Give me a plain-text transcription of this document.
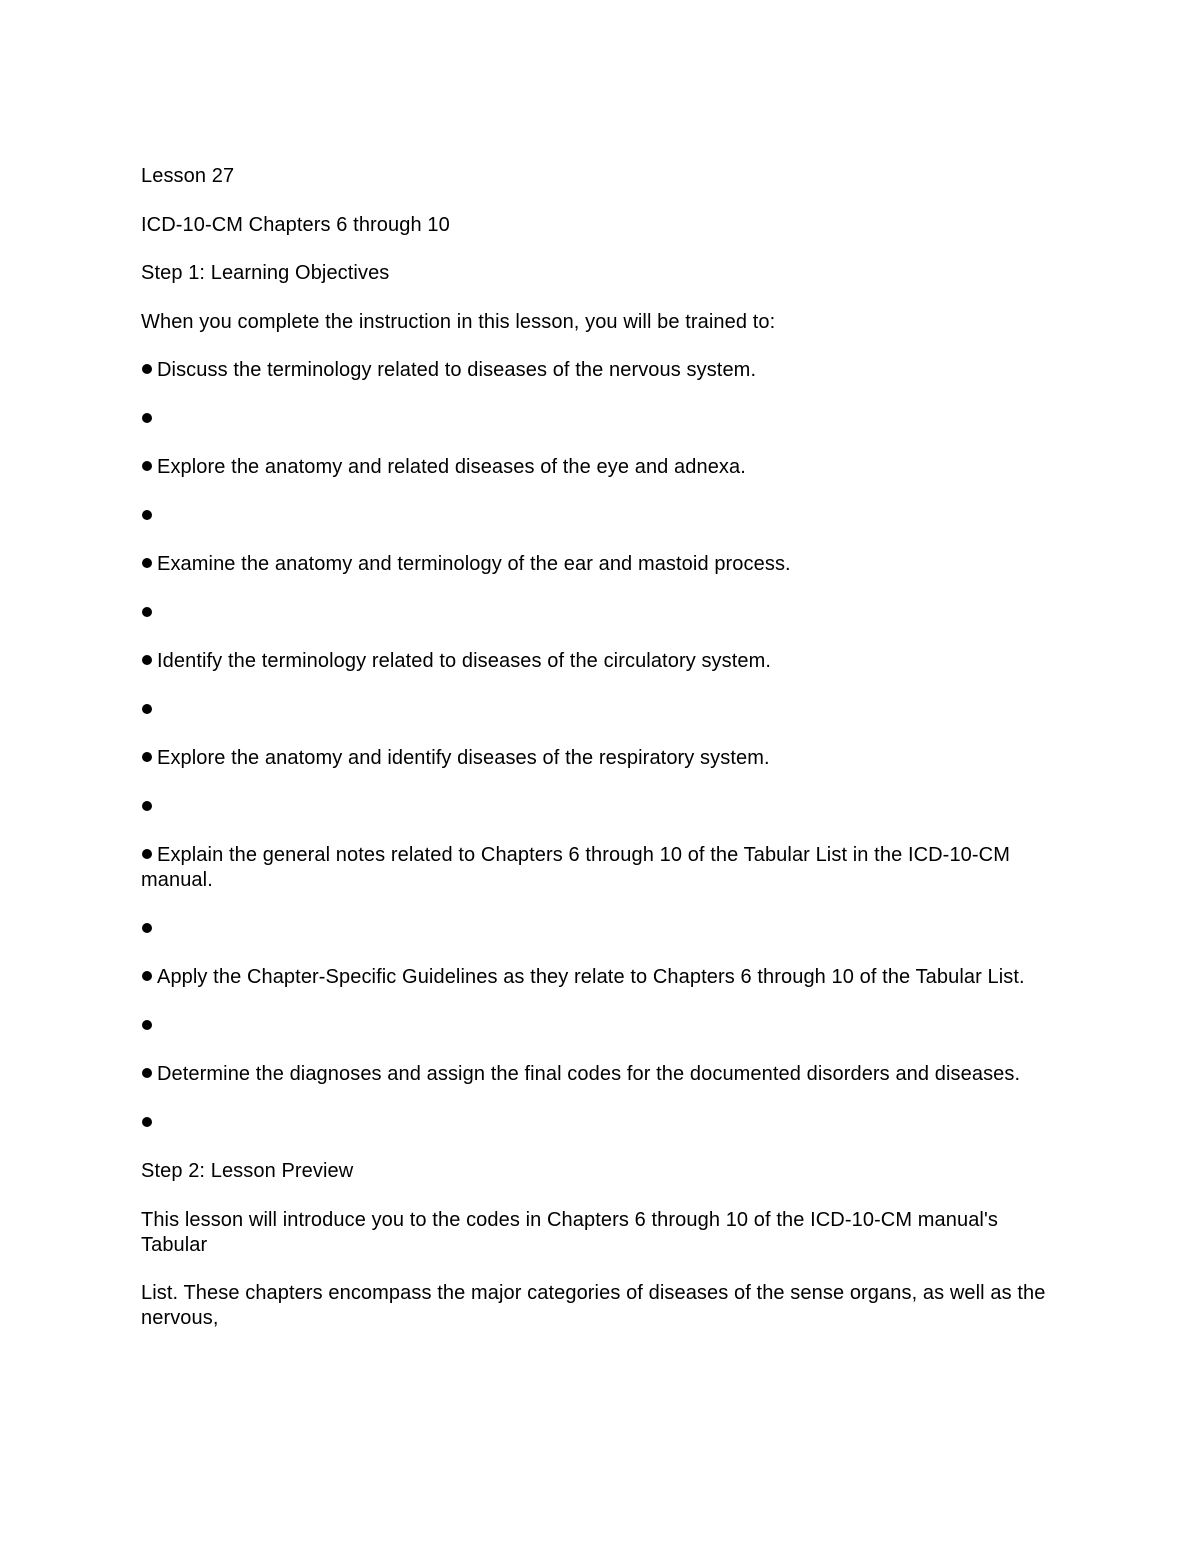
Lesson 27

ICD-10-CM Chapters 6 through 10

Step 1: Learning Objectives

When you complete the instruction in this lesson, you will be trained to:

Discuss the terminology related to diseases of the nervous system.
Explore the anatomy and related diseases of the eye and adnexa.
Examine the anatomy and terminology of the ear and mastoid process.
Identify the terminology related to diseases of the circulatory system.
Explore the anatomy and identify diseases of the respiratory system.
Explain the general notes related to Chapters 6 through 10 of the Tabular List in the ICD-10-CM manual.
Apply the Chapter-Specific Guidelines as they relate to Chapters 6 through 10 of the Tabular List.
Determine the diagnoses and assign the final codes for the documented disorders and diseases.

Step 2: Lesson Preview

This lesson will introduce you to the codes in Chapters 6 through 10 of the ICD-10-CM manual's Tabular

List. These chapters encompass the major categories of diseases of the sense organs, as well as the nervous,
